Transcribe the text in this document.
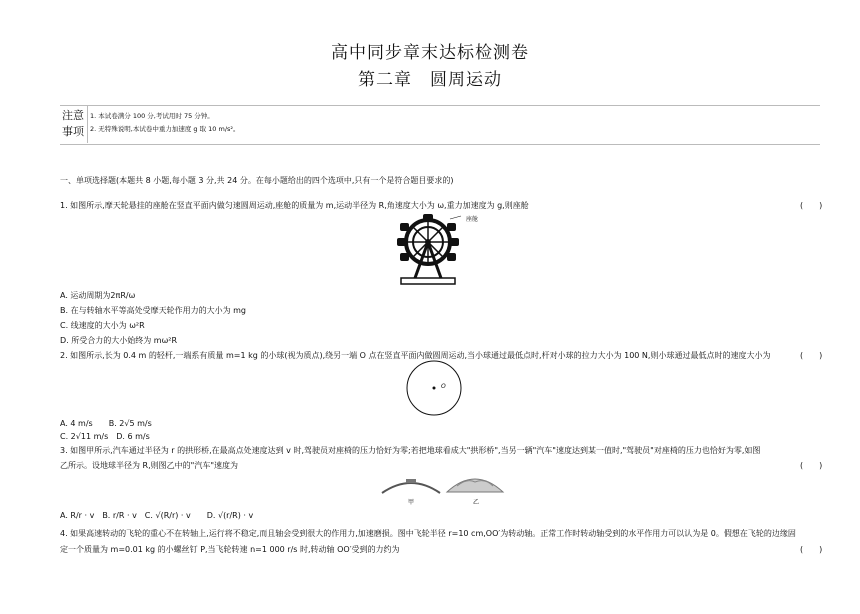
高中同步章末达标检测卷
第二章　圆周运动
注意
事项
1. 本试卷满分 100 分,考试用时 75 分钟。
2. 无特殊说明,本试卷中重力加速度 g 取 10 m/s²。
一、单项选择题(本题共 8 小题,每小题 3 分,共 24 分。在每小题给出的四个选项中,只有一个是符合题目要求的)
1. 如图所示,摩天轮悬挂的座舱在竖直平面内做匀速圆周运动,座舱的质量为 m,运动半径为 R,角速度大小为 ω,重力加速度为 g,则座舱	(　　)
座舱
A. 运动周期为2πR/ω
B. 在与转轴水平等高处受摩天轮作用力的大小为 mg
C. 线速度的大小为 ω²R
D. 所受合力的大小始终为 mω²R
2. 如图所示,长为 0.4 m 的轻杆,一端系有质量 m=1 kg 的小球(视为质点),绕另一端 O 点在竖直平面内做圆周运动,当小球通过最低点时,杆对小球的拉力大小为 100 N,则小球通过最低点时的速度大小为	(　　)
O
A. 4 m/s　　B. 2√5 m/s
C. 2√11 m/s　D. 6 m/s
3. 如图甲所示,汽车通过半径为 r 的拱形桥,在最高点处速度达到 v 时,驾驶员对座椅的压力恰好为零;若把地球看成大"拱形桥",当另一辆"汽车"速度达到某一值时,"驾驶员"对座椅的压力也恰好为零,如图
乙所示。设地球半径为 R,则图乙中的"汽车"速度为	(　　)
甲	乙
A. R/r · v　B. r/R · v　C. √(R/r) · v　　D. √(r/R) · v
4. 如果高速转动的飞轮的重心不在转轴上,运行将不稳定,而且轴会受到很大的作用力,加速磨损。图中飞轮半径 r=10 cm,OO′为转动轴。正常工作时转动轴受到的水平作用力可以认为是 0。假想在飞轮的边缘固
定一个质量为 m=0.01 kg 的小螺丝钉 P,当飞轮转速 n=1 000 r/s 时,转动轴 OO′受到的力约为	(　　)
